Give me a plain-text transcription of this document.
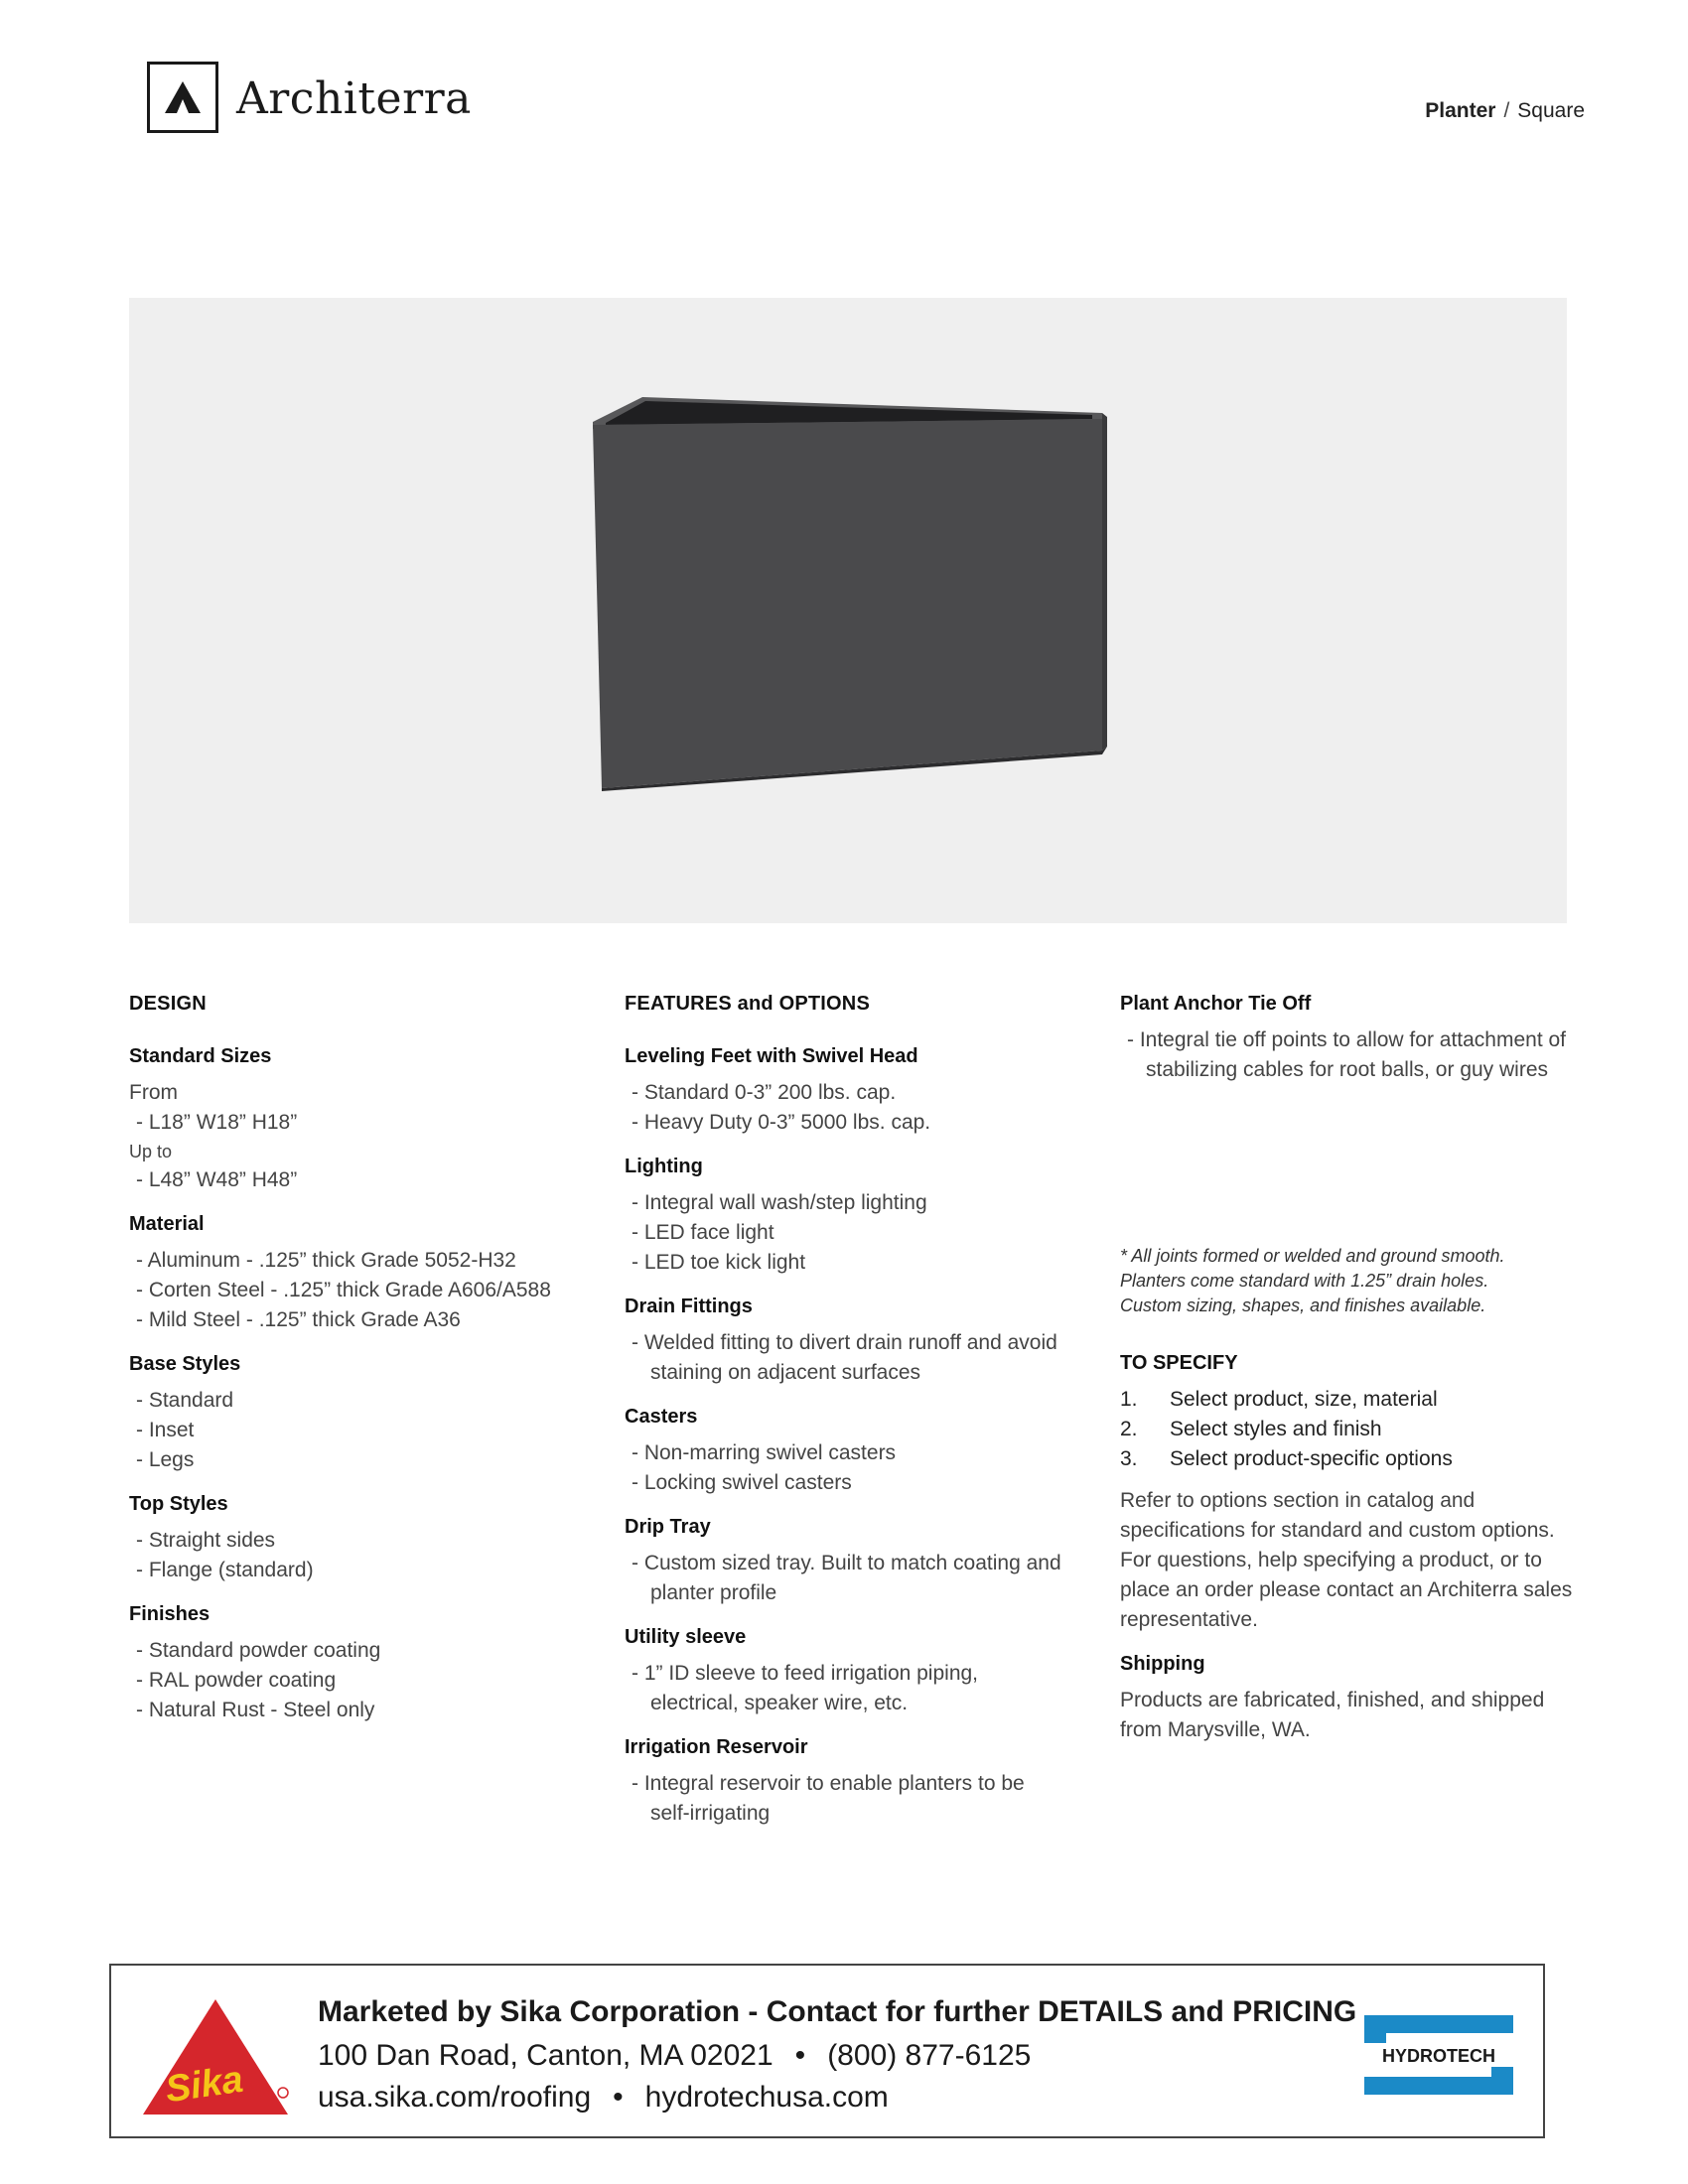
Architerra	Planter / Square
DESIGN
Standard Sizes
From
- L18” W18” H18”
Up to
- L48” W48” H48”
Material
- Aluminum - .125” thick Grade 5052-H32
- Corten Steel - .125” thick Grade A606/A588
- Mild Steel - .125” thick Grade A36
Base Styles
- Standard
- Inset
- Legs
Top Styles
- Straight sides
- Flange (standard)
Finishes
- Standard powder coating
- RAL powder coating
- Natural Rust - Steel only
FEATURES and OPTIONS
Leveling Feet with Swivel Head
- Standard 0-3” 200 lbs. cap.
- Heavy Duty 0-3” 5000 lbs. cap.
Lighting
- Integral wall wash/step lighting
- LED face light
- LED toe kick light
Drain Fittings
- Welded fitting to divert drain runoff and avoid staining on adjacent surfaces
Casters
- Non-marring swivel casters
- Locking swivel casters
Drip Tray
- Custom sized tray. Built to match coating and planter profile
Utility sleeve
- 1” ID sleeve to feed irrigation piping, electrical, speaker wire, etc.
Irrigation Reservoir
- Integral reservoir to enable planters to be self-irrigating
Plant Anchor Tie Off
- Integral tie off points to allow for attachment of stabilizing cables for root balls, or guy wires
* All joints formed or welded and ground smooth.
Planters come standard with 1.25” drain holes.
Custom sizing, shapes, and finishes available.
TO SPECIFY
1.	Select product, size, material
2.	Select styles and finish
3.	Select product-specific options
Refer to options section in catalog and specifications for standard and custom options. For questions, help specifying a product, or to place an order please contact an Architerra sales representative.
Shipping
Products are fabricated, finished, and shipped from Marysville, WA.
Sika
Marketed by Sika Corporation - Contact for further DETAILS and PRICING
100 Dan Road, Canton, MA 02021 • (800) 877-6125
usa.sika.com/roofing • hydrotechusa.com
HYDROTECH
